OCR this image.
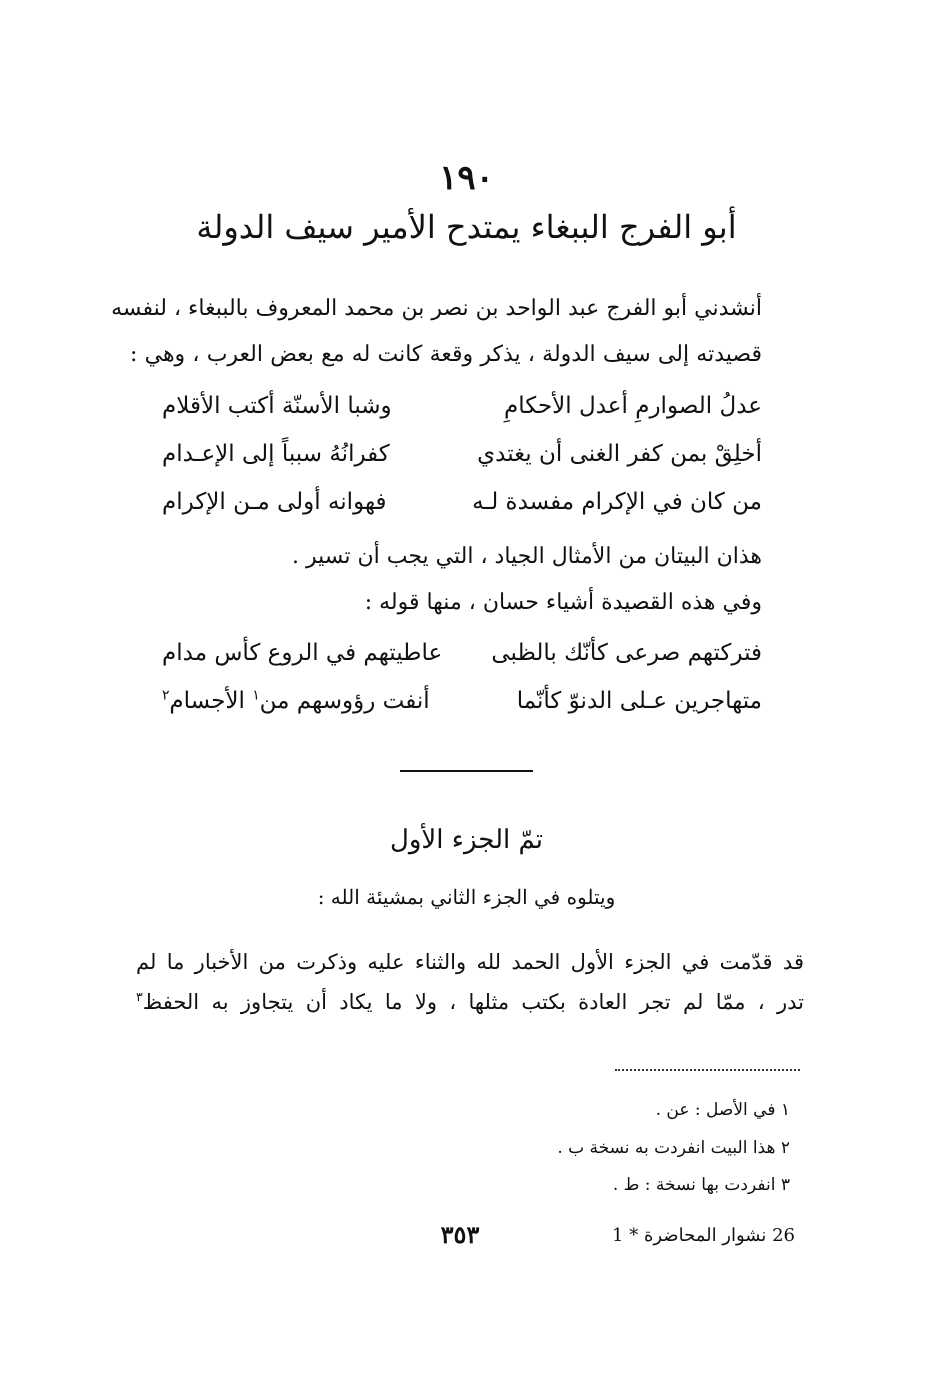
١٩٠
أبو الفرج الببغاء يمتدح الأمير سيف الدولة
أنشدني أبو الفرج عبد الواحد بن نصر بن محمد المعروف بالببغاء ، لنفسه
قصيدته إلى سيف الدولة ، يذكر وقعة كانت له مع بعض العرب ، وهي :
عدلُ الصوارمِ أعدل الأحكامِ
وشبا الأسنّة أكتب الأقلام
أخلِقْ بمن كفر الغنى أن يغتدي
كفرانُهُ سبباً إلى الإعـدام
من كان في الإكرام مفسدة لـه
فهوانه أولى مـن الإكرام
هذان البيتان من الأمثال الجياد ، التي يجب أن تسير .
وفي هذه القصيدة أشياء حسان ، منها قوله :
فتركتهم صرعى كأنّك بالظبى
عاطيتهم في الروع كأس مدام
متهاجرين عـلى الدنوّ كأنّما
أنفت رؤوسهم من$^١$ الأجسام$^٢$
تمّ الجزء الأول
ويتلوه في الجزء الثاني بمشيئة الله :
قد قدّمت في الجزء الأول الحمد لله والثناء عليه وذكرت من الأخبار ما لم
تدر ، ممّا لم تجر العادة بكتب مثلها ، ولا ما يكاد أن يتجاوز به الحفظ$^٣$
١ في الأصل : عن .
٢ هذا البيت انفردت به نسخة ب .
٣ انفردت بها نسخة : ط .
٣٥٣	26 نشوار المحاضرة * 1
